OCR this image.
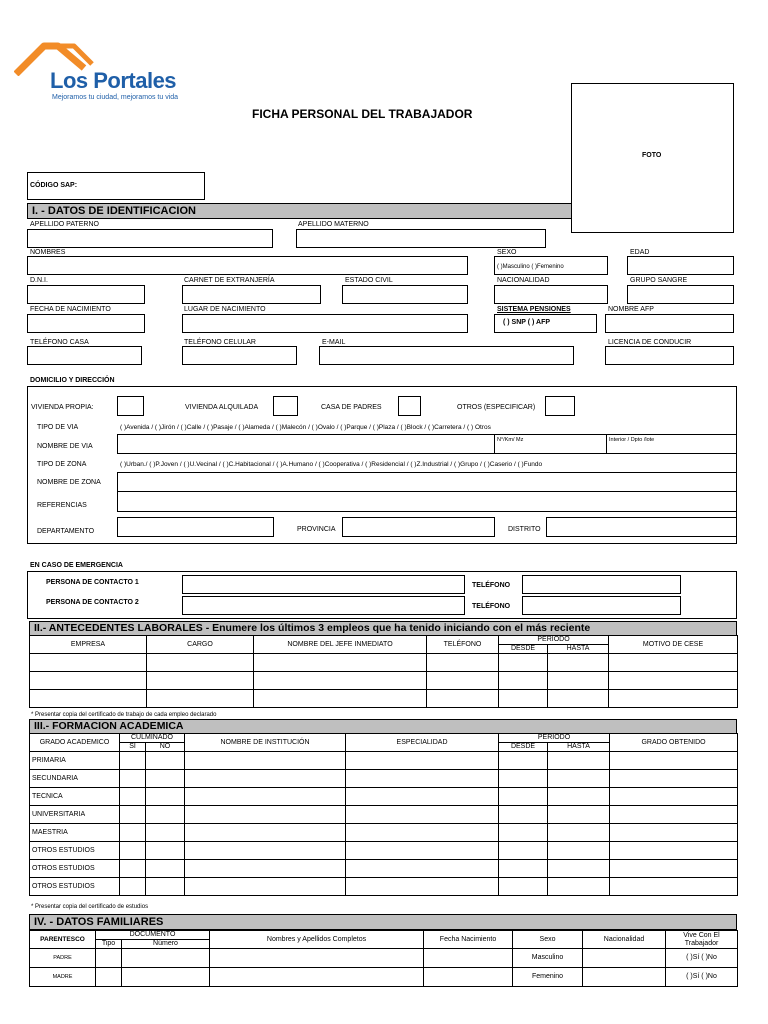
Los Portales
Mejoramos tu ciudad, mejoramos tu vida
FICHA PERSONAL DEL TRABAJADOR
FOTO
CÓDIGO SAP:
I. - DATOS DE IDENTIFICACION
APELLIDO PATERNO	APELLIDO MATERNO
NOMBRES	SEXO	EDAD
( )Masculino ( )Femenino
D.N.I.	CARNET DE EXTRANJERÍA	ESTADO CIVIL	NACIONALIDAD	GRUPO SANGRE
FECHA DE NACIMIENTO	LUGAR DE NACIMIENTO	SISTEMA PENSIONES	NOMBRE AFP
( ) SNP ( ) AFP
TELÉFONO CASA	TELÉFONO CELULAR	E-MAIL	LICENCIA DE CONDUCIR
DOMICILIO Y DIRECCIÓN
VIVIENDA PROPIA:	VIVIENDA ALQUILADA	CASA DE PADRES	OTROS (ESPECIFICAR)
TIPO DE VIA	( )Avenida / ( )Jirón / ( )Calle / ( )Pasaje / ( )Alameda / ( )Malecón / ( )Ovalo / ( )Parque / ( )Plaza / ( )Block / ( )Carretera / ( ) Otros
NOMBRE DE VIA
N°/Km/ Mz	Interior / Dpto /lote
TIPO DE ZONA	( )Urban./ ( )P.Joven / ( )U.Vecinal / ( )C.Habitacional / ( )A.Humano / ( )Cooperativa / ( )Residencial / ( )Z.Industrial / ( )Grupo / ( )Caserio / ( )Fundo
NOMBRE DE ZONA
REFERENCIAS
DEPARTAMENTO	PROVINCIA	DISTRITO
EN CASO DE EMERGENCIA
PERSONA DE CONTACTO 1	TELÉFONO
PERSONA DE CONTACTO 2
TELÉFONO
II.- ANTECEDENTES LABORALES - Enumere los últimos 3 empleos que ha tenido iniciando con el más reciente
EMPRESA	CARGO	NOMBRE DEL JEFE INMEDIATO	TELÉFONO	PERIODO		MOTIVO DE CESE
				DESDE	HASTA	

* Presentar copia del certificado de trabajo de cada empleo declarado
III.- FORMACION ACADEMICA
GRADO ACADEMICO	CULMINADO		NOMBRE DE INSTITUCIÓN	ESPECIALIDAD	PERIODO		GRADO OBTENIDO
	SI	NO			DESDE	HASTA	
PRIMARIA							
SECUNDARIA							
TECNICA							
UNIVERSITARIA							
MAESTRIA							
OTROS ESTUDIOS							
OTROS ESTUDIOS							
OTROS ESTUDIOS							
* Presentar copia del certificado de estudios
IV. - DATOS FAMILIARES
PARENTESCO	DOCUMENTO		Nombres y Apellidos Completos	Fecha Nacimiento	Sexo	Nacionalidad	Vive Con El Trabajador
	Tipo	Número					
PADRE					Masculino		( )Sí ( )No
MADRE					Femenino		( )Sí ( )No
